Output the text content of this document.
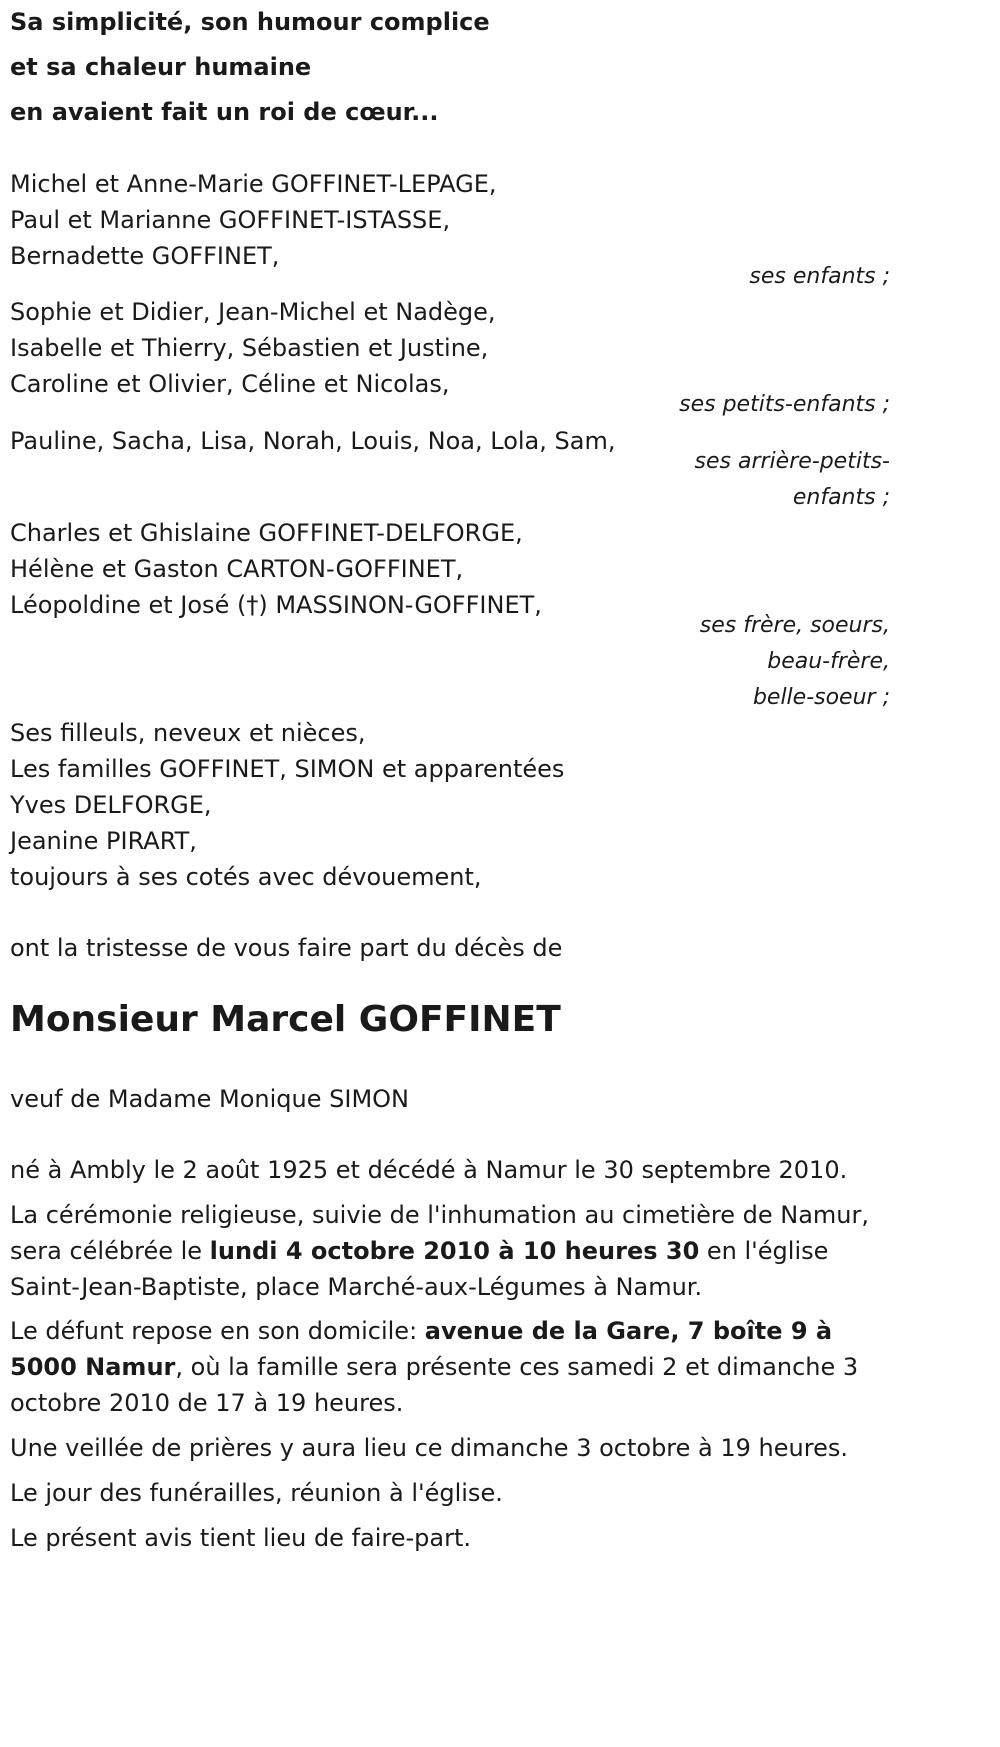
Sa simplicité, son humour complice
et sa chaleur humaine
en avaient fait un roi de cœur...
Michel et Anne-Marie GOFFINET-LEPAGE,
Paul et Marianne GOFFINET-ISTASSE,
Bernadette GOFFINET,
ses enfants ;
Sophie et Didier, Jean-Michel et Nadège,
Isabelle et Thierry, Sébastien et Justine,
Caroline et Olivier, Céline et Nicolas,
ses petits-enfants ;
Pauline, Sacha, Lisa, Norah, Louis, Noa, Lola, Sam,
ses arrière-petits-
enfants ;
Charles et Ghislaine GOFFINET-DELFORGE,
Hélène et Gaston CARTON-GOFFINET,
Léopoldine et José (†) MASSINON-GOFFINET,
ses frère, soeurs,
beau-frère,
belle-soeur ;
Ses filleuls, neveux et nièces,
Les familles GOFFINET, SIMON et apparentées
Yves DELFORGE,
Jeanine PIRART,
toujours à ses cotés avec dévouement,
ont la tristesse de vous faire part du décès de
Monsieur Marcel GOFFINET
veuf de Madame Monique SIMON
né à Ambly le 2 août 1925 et décédé à Namur le 30 septembre 2010.
La cérémonie religieuse, suivie de l'inhumation au cimetière de Namur, sera célébrée le lundi 4 octobre 2010 à 10 heures 30 en l'église Saint-Jean-Baptiste, place Marché-aux-Légumes à Namur.
Le défunt repose en son domicile: avenue de la Gare, 7 boîte 9 à 5000 Namur, où la famille sera présente ces samedi 2 et dimanche 3 octobre 2010 de 17 à 19 heures.
Une veillée de prières y aura lieu ce dimanche 3 octobre à 19 heures.
Le jour des funérailles, réunion à l'église.
Le présent avis tient lieu de faire-part.
